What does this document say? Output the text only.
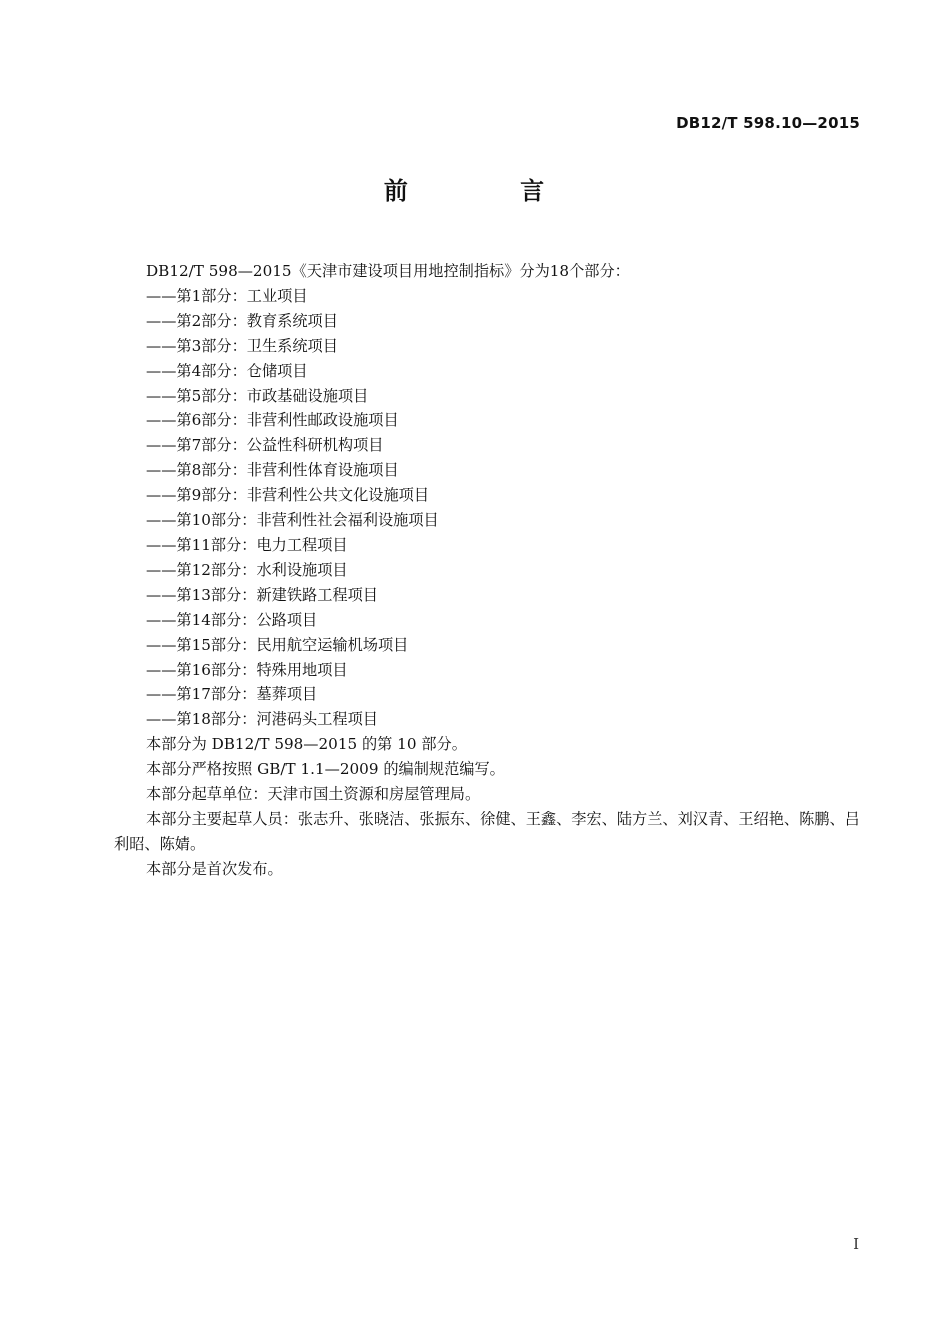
DB12/T 598.10—2015
前 言

DB12/T 598—2015《天津市建设项目用地控制指标》分为18个部分：

——第1部分：工业项目
——第2部分：教育系统项目
——第3部分：卫生系统项目
——第4部分：仓储项目
——第5部分：市政基础设施项目
——第6部分：非营利性邮政设施项目
——第7部分：公益性科研机构项目
——第8部分：非营利性体育设施项目
——第9部分：非营利性公共文化设施项目
——第10部分：非营利性社会福利设施项目
——第11部分：电力工程项目
——第12部分：水利设施项目
——第13部分：新建铁路工程项目
——第14部分：公路项目
——第15部分：民用航空运输机场项目
——第16部分：特殊用地项目
——第17部分：墓葬项目
——第18部分：河港码头工程项目

本部分为 DB12/T 598—2015 的第 10 部分。

本部分严格按照 GB/T 1.1—2009 的编制规范编写。

本部分起草单位：天津市国土资源和房屋管理局。

本部分主要起草人员：张志升、张晓洁、张振东、徐健、王鑫、李宏、陆方兰、刘汉青、王绍艳、陈鹏、吕利昭、陈婧。

本部分是首次发布。

I
